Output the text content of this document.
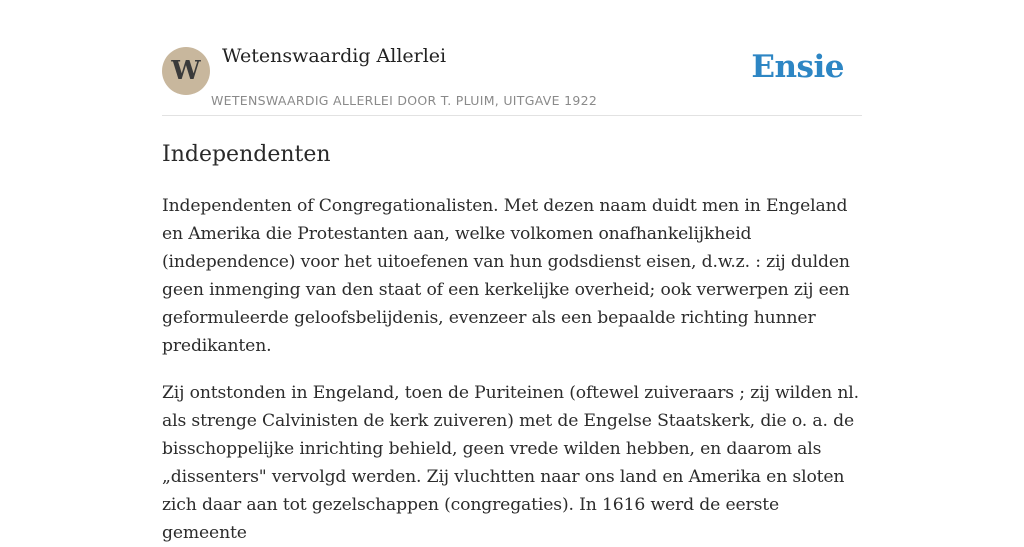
W	Wetenswaardig Allerlei
WETENSWAARDIG ALLERLEI DOOR T. PLUIM, UITGAVE 1922
Ensie
Independenten

Independenten of Congregationalisten. Met dezen naam duidt men in Engeland en Amerika die Protestanten aan, welke volkomen onafhankelijkheid (independence) voor het uitoefenen van hun godsdienst eisen, d.w.z. : zij dulden geen inmenging van den staat of een kerkelijke overheid; ook verwerpen zij een geformuleerde geloofsbelijdenis, evenzeer als een bepaalde richting hunner predikanten.

Zij ontstonden in Engeland, toen de Puriteinen (oftewel zuiveraars ; zij wilden nl. als strenge Calvinisten de kerk zuiveren) met de Engelse Staatskerk, die o. a. de bisschoppelijke inrichting behield, geen vrede wilden hebben, en daarom als „dissenters" vervolgd werden. Zij vluchtten naar ons land en Amerika en sloten zich daar aan tot gezelschappen (congregaties). In 1616 werd de eerste gemeente
